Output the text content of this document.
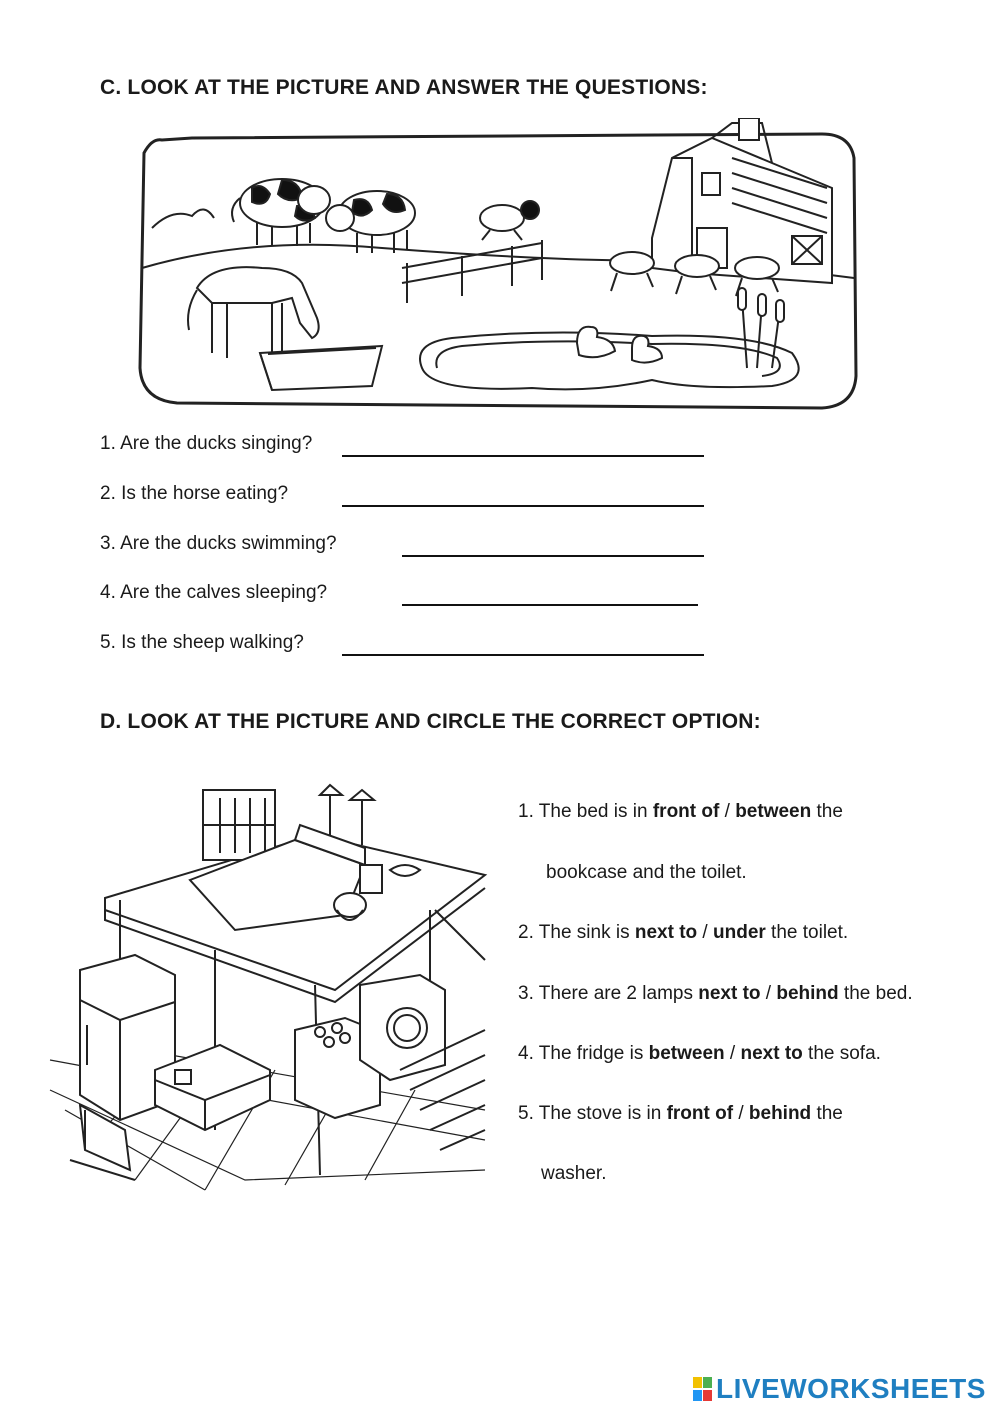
C. LOOK AT THE PICTURE AND ANSWER THE QUESTIONS:
1. Are the ducks singing?
2. Is the horse eating?
3. Are the ducks swimming?
4. Are the calves sleeping?
5. Is the sheep walking?
D. LOOK AT THE PICTURE AND CIRCLE THE CORRECT OPTION:
1. The bed is in front of / between the
bookcase and the toilet.
2. The sink is next to / under the toilet.
3. There are 2 lamps next to / behind the bed.
4. The fridge is between / next to the sofa.
5. The stove is in front of / behind the
washer.
LIVEWORKSHEETS
